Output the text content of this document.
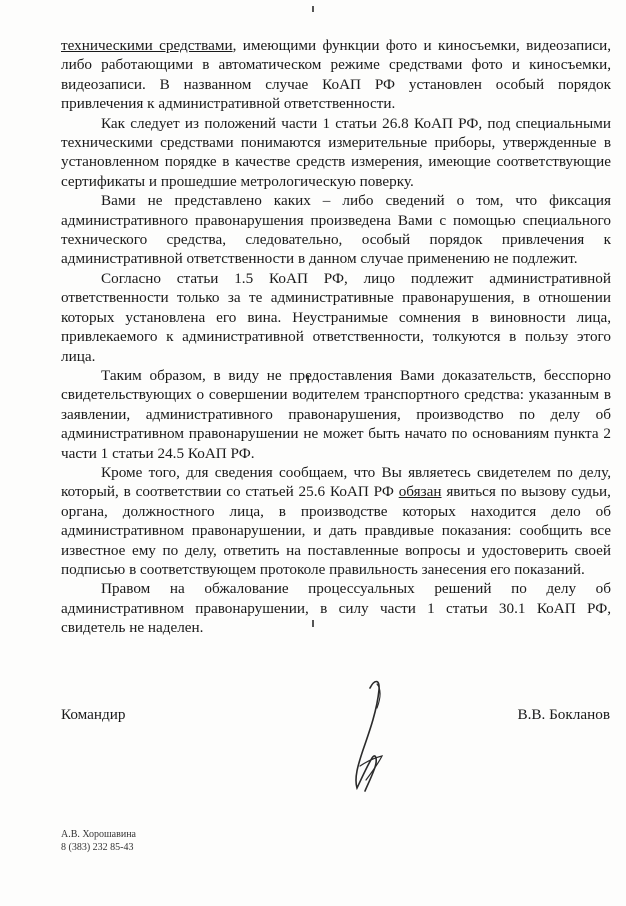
техническими средствами, имеющими функции фото и киносъемки, видеозаписи, либо работающими в автоматическом режиме средствами фото и киносъемки, видеозаписи. В названном случае КоАП РФ установлен особый порядок привлечения к административной ответственности.

Как следует из положений части 1 статьи 26.8 КоАП РФ, под специальными техническими средствами понимаются измерительные приборы, утвержденные в установленном порядке в качестве средств измерения, имеющие соответствующие сертификаты и прошедшие метрологическую поверку.

Вами не представлено каких – либо сведений о том, что фиксация административного правонарушения произведена Вами с помощью специального технического средства, следовательно, особый порядок привлечения к административной ответственности в данном случае применению не подлежит.

Согласно статьи 1.5 КоАП РФ, лицо подлежит административной ответственности только за те административные правонарушения, в отношении которых установлена его вина. Неустранимые сомнения в виновности лица, привлекаемого к административной ответственности, толкуются в пользу этого лица.

Таким образом, в виду не предоставления Вами доказательств, бесспорно свидетельствующих о совершении водителем транспортного средства: указанным в заявлении, административного правонарушения, производство по делу об административном правонарушении не может быть начато по основаниям пункта 2 части 1 статьи 24.5 КоАП РФ.

Кроме того, для сведения сообщаем, что Вы являетесь свидетелем по делу, который, в соответствии со статьей 25.6 КоАП РФ обязан явиться по вызову судьи, органа, должностного лица, в производстве которых находится дело об административном правонарушении, и дать правдивые показания: сообщить все известное ему по делу, ответить на поставленные вопросы и удостоверить своей подписью в соответствующем протоколе правильность занесения его показаний.

Правом на обжалование процессуальных решений по делу об административном правонарушении, в силу части 1 статьи 30.1 КоАП РФ, свидетель не наделен.

Командир	В.В. Бокланов
А.В. Хорошавина
8 (383) 232 85-43
